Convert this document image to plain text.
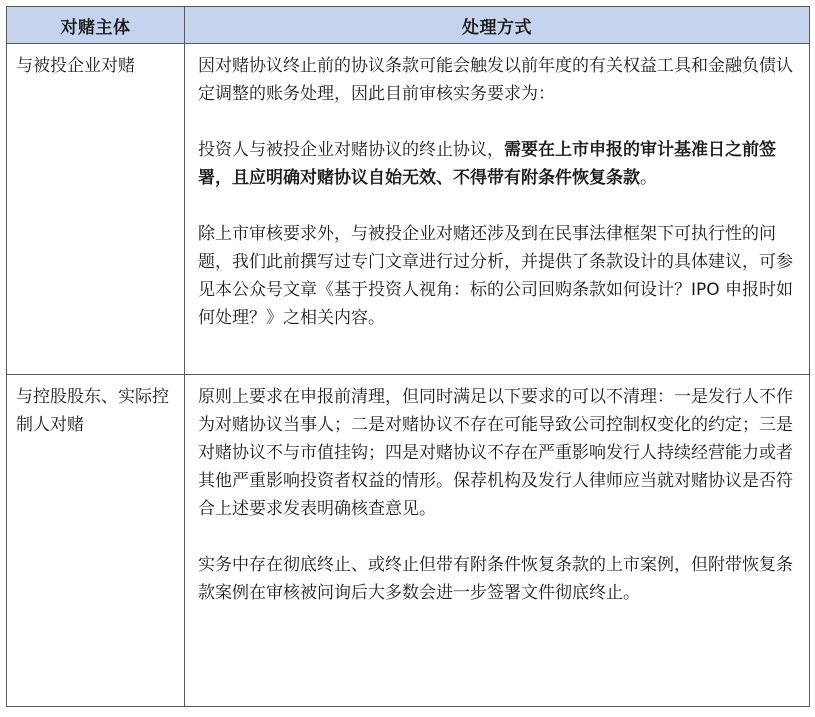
对赌主体	处理方式
与被投企业对赌	因对赌协议终止前的协议条款可能会触发以前年度的有关权益工具和金融负债认定调整的账务处理，因此目前审核实务要求为：

投资人与被投企业对赌协议的终止协议，需要在上市申报的审计基准日之前签署，且应明确对赌协议自始无效、不得带有附条件恢复条款。

除上市审核要求外，与被投企业对赌还涉及到在民事法律框架下可执行性的问题，我们此前撰写过专门文章进行过分析，并提供了条款设计的具体建议，可参见本公众号文章《基于投资人视角：标的公司回购条款如何设计？IPO 申报时如何处理？》之相关内容。

与控股股东、实际控制人对赌	原则上要求在申报前清理，但同时满足以下要求的可以不清理：一是发行人不作为对赌协议当事人；二是对赌协议不存在可能导致公司控制权变化的约定；三是对赌协议不与市值挂钩；四是对赌协议不存在严重影响发行人持续经营能力或者其他严重影响投资者权益的情形。保荐机构及发行人律师应当就对赌协议是否符合上述要求发表明确核查意见。

实务中存在彻底终止、或终止但带有附条件恢复条款的上市案例，但附带恢复条款案例在审核被问询后大多数会进一步签署文件彻底终止。
